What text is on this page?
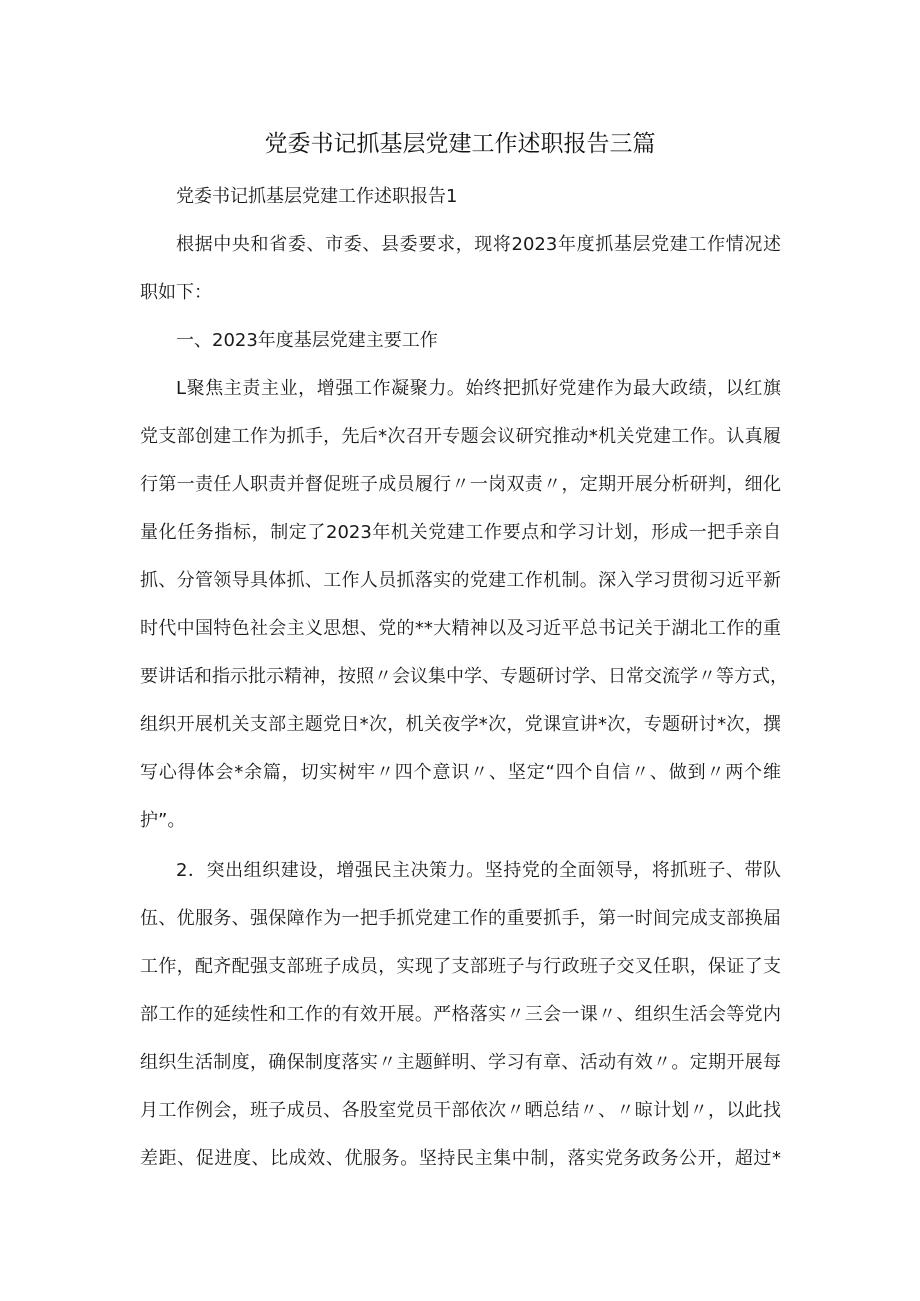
党委书记抓基层党建工作述职报告三篇
党委书记抓基层党建工作述职报告1
根据中央和省委、市委、县委要求，现将2023年度抓基层党建工作情况述
职如下：
一、2023年度基层党建主要工作
L聚焦主责主业，增强工作凝聚力。始终把抓好党建作为最大政绩，以红旗
党支部创建工作为抓手，先后*次召开专题会议研究推动*机关党建工作。认真履
行第一责任人职责并督促班子成员履行〃一岗双责〃，定期开展分析研判，细化
量化任务指标，制定了2023年机关党建工作要点和学习计划，形成一把手亲自
抓、分管领导具体抓、工作人员抓落实的党建工作机制。深入学习贯彻习近平新
时代中国特色社会主义思想、党的**大精神以及习近平总书记关于湖北工作的重
要讲话和指示批示精神，按照〃会议集中学、专题研讨学、日常交流学〃等方式，
组织开展机关支部主题党日*次，机关夜学*次，党课宣讲*次，专题研讨*次，撰
写心得体会*余篇，切实树牢〃四个意识〃、坚定“四个自信〃、做到〃两个维
护”。
2．突出组织建设，增强民主决策力。坚持党的全面领导，将抓班子、带队
伍、优服务、强保障作为一把手抓党建工作的重要抓手，第一时间完成支部换届
工作，配齐配强支部班子成员，实现了支部班子与行政班子交叉任职，保证了支
部工作的延续性和工作的有效开展。严格落实〃三会一课〃、组织生活会等党内
组织生活制度，确保制度落实〃主题鲜明、学习有章、活动有效〃。定期开展每
月工作例会，班子成员、各股室党员干部依次〃晒总结〃、〃晾计划〃，以此找
差距、促进度、比成效、优服务。坚持民主集中制，落实党务政务公开，超过*
